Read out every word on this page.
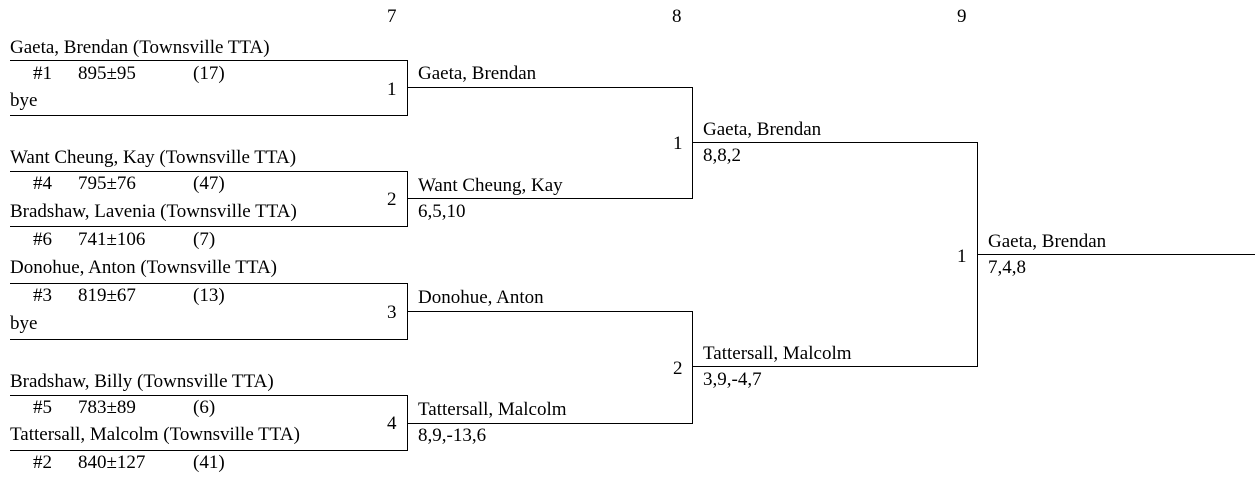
7	8	9
Gaeta, Brendan (Townsville TTA)
#1 895±95	(17)
bye
1
Want Cheung, Kay (Townsville TTA)
#4 795±76	(47)
Bradshaw, Lavenia (Townsville TTA)
#6 741±106	(7)
2
Donohue, Anton (Townsville TTA)
#3 819±67	(13)
bye
3
Bradshaw, Billy (Townsville TTA)
#5 783±89	(6)
Tattersall, Malcolm (Townsville TTA)
#2 840±127	(41)
4
Gaeta, Brendan
Want Cheung, Kay
6,5,10
1
Donohue, Anton
Tattersall, Malcolm
8,9,-13,6
2
Gaeta, Brendan
8,8,2
Tattersall, Malcolm
3,9,-4,7
1
Gaeta, Brendan
7,4,8
